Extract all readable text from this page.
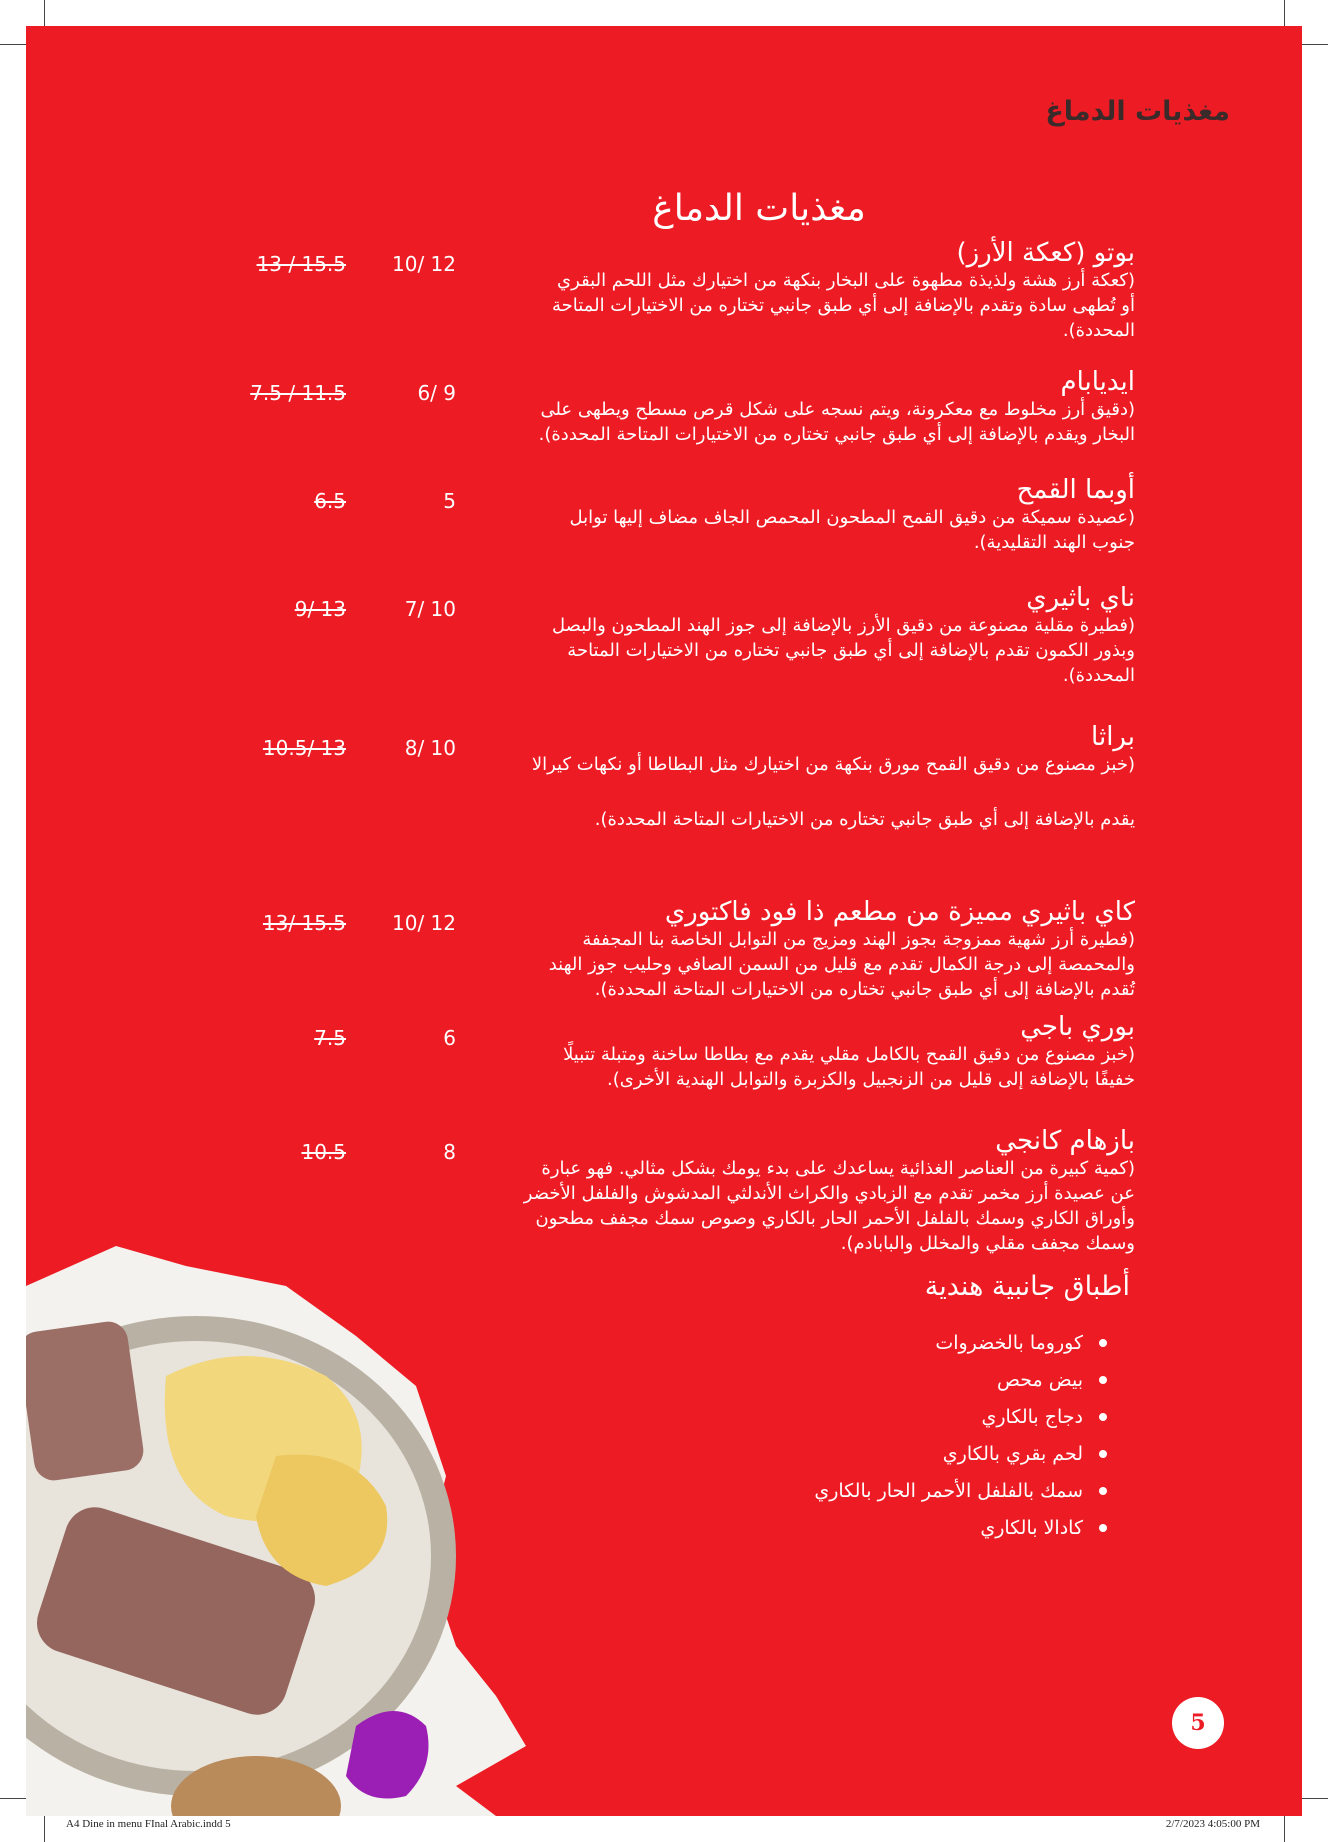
مغذيات الدماغ
مغذيات الدماغ
بوتو (كعكة الأرز)
(كعكة أرز هشة ولذيذة مطهوة على البخار بنكهة من اختيارك مثل اللحم البقري
أو تُطهى سادة وتقدم بالإضافة إلى أي طبق جانبي تختاره من الاختيارات المتاحة
المحددة).
10/ 12
13 / 15.5
ايديابام
(دقيق أرز مخلوط مع معكرونة، ويتم نسجه على شكل قرص مسطح ويطهى على
البخار ويقدم بالإضافة إلى أي طبق جانبي تختاره من الاختيارات المتاحة المحددة).
6/ 9
7.5 / 11.5
أوبما القمح
(عصيدة سميكة من دقيق القمح المطحون المحمص الجاف مضاف إليها توابل
جنوب الهند التقليدية).
5
6.5
ناي باثيري
(فطيرة مقلية مصنوعة من دقيق الأرز بالإضافة إلى جوز الهند المطحون والبصل
وبذور الكمون تقدم بالإضافة إلى أي طبق جانبي تختاره من الاختيارات المتاحة
المحددة).
7/ 10
9/ 13
براثا
(خبز مصنوع من دقيق القمح مورق بنكهة من اختيارك مثل البطاطا أو نكهات كيرالا
يقدم بالإضافة إلى أي طبق جانبي تختاره من الاختيارات المتاحة المحددة).
8/ 10
10.5/ 13
كاي باثيري مميزة من مطعم ذا فود فاكتوري
(فطيرة أرز شهية ممزوجة بجوز الهند ومزيج من التوابل الخاصة بنا المجففة
والمحمصة إلى درجة الكمال تقدم مع قليل من السمن الصافي وحليب جوز الهند
تُقدم بالإضافة إلى أي طبق جانبي تختاره من الاختيارات المتاحة المحددة).
10/ 12
13/ 15.5
بوري باجي
(خبز مصنوع من دقيق القمح بالكامل مقلي يقدم مع بطاطا ساخنة ومتبلة تتبيلًا
خفيفًا بالإضافة إلى قليل من الزنجبيل والكزبرة والتوابل الهندية الأخرى).
6
7.5
بازهام كانجي
(كمية كبيرة من العناصر الغذائية يساعدك على بدء يومك بشكل مثالي. فهو عبارة
عن عصيدة أرز مخمر تقدم مع الزبادي والكراث الأندلثي المدشوش والفلفل الأخضر
وأوراق الكاري وسمك بالفلفل الأحمر الحار بالكاري وصوص سمك مجفف مطحون
وسمك مجفف مقلي والمخلل والبابادم).
8
10.5
أطباق جانبية هندية
كوروما بالخضروات
بيض محص
دجاج بالكاري
لحم بقري بالكاري
سمك بالفلفل الأحمر الحار بالكاري
كادالا بالكاري
5
A4 Dine in menu FInal Arabic.indd 5	2/7/2023 4:05:00 PM
